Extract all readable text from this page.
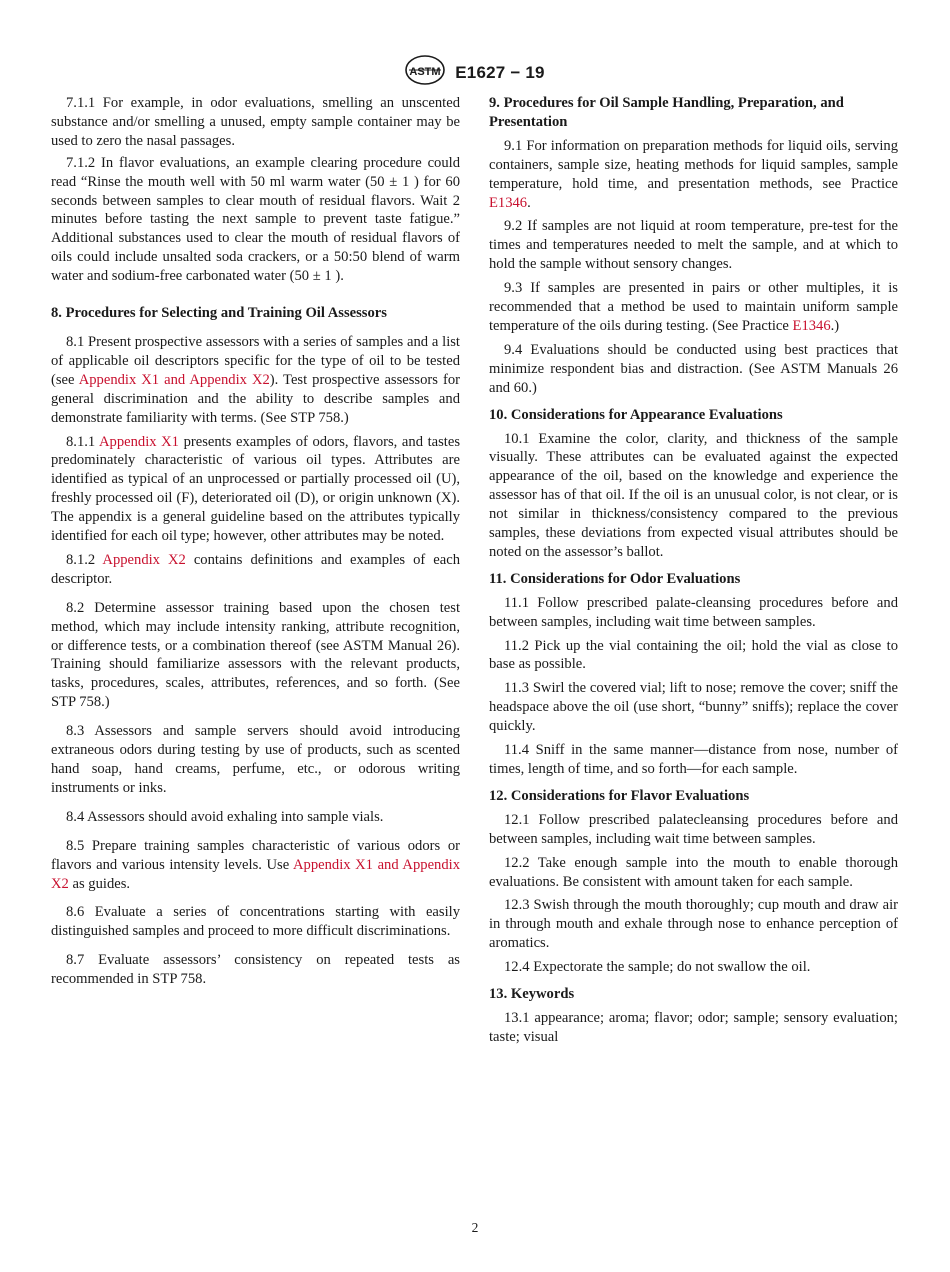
ASTM E1627 − 19

7.1.1 For example, in odor evaluations, smelling an unscented substance and/or smelling a unused, empty sample container may be used to zero the nasal passages.

7.1.2 In flavor evaluations, an example clearing procedure could read “Rinse the mouth well with 50 ml warm water (50 ± 1 ) for 60 seconds between samples to clear mouth of residual flavors. Wait 2 minutes before tasting the next sample to prevent taste fatigue.” Additional substances used to clear the mouth of residual flavors of oils could include unsalted soda crackers, or a 50:50 blend of warm water and sodium-free carbonated water (50 ± 1 ).

8. Procedures for Selecting and Training Oil Assessors

8.1 Present prospective assessors with a series of samples and a list of applicable oil descriptors specific for the type of oil to be tested (see Appendix X1 and Appendix X2). Test prospective assessors for general discrimination and the ability to describe samples and demonstrate familiarity with terms. (See STP 758.)

8.1.1 Appendix X1 presents examples of odors, flavors, and tastes predominately characteristic of various oil types. Attributes are identified as typical of an unprocessed or partially processed oil (U), freshly processed oil (F), deteriorated oil (D), or origin unknown (X). The appendix is a general guideline based on the attributes typically identified for each oil type; however, other attributes may be noted.

8.1.2 Appendix X2 contains definitions and examples of each descriptor.

8.2 Determine assessor training based upon the chosen test method, which may include intensity ranking, attribute recognition, or difference tests, or a combination thereof (see ASTM Manual 26). Training should familiarize assessors with the relevant products, tasks, procedures, scales, attributes, references, and so forth. (See STP 758.)

8.3 Assessors and sample servers should avoid introducing extraneous odors during testing by use of products, such as scented hand soap, hand creams, perfume, etc., or odorous writing instruments or inks.

8.4 Assessors should avoid exhaling into sample vials.

8.5 Prepare training samples characteristic of various odors or flavors and various intensity levels. Use Appendix X1 and Appendix X2 as guides.

8.6 Evaluate a series of concentrations starting with easily distinguished samples and proceed to more difficult discriminations.

8.7 Evaluate assessors’ consistency on repeated tests as recommended in STP 758.

9. Procedures for Oil Sample Handling, Preparation, and Presentation

9.1 For information on preparation methods for liquid oils, serving containers, sample size, heating methods for liquid samples, sample temperature, hold time, and presentation methods, see Practice E1346.

9.2 If samples are not liquid at room temperature, pre-test for the times and temperatures needed to melt the sample, and at which to hold the sample without sensory changes.

9.3 If samples are presented in pairs or other multiples, it is recommended that a method be used to maintain uniform sample temperature of the oils during testing. (See Practice E1346.)

9.4 Evaluations should be conducted using best practices that minimize respondent bias and distraction. (See ASTM Manuals 26 and 60.)

10. Considerations for Appearance Evaluations

10.1 Examine the color, clarity, and thickness of the sample visually. These attributes can be evaluated against the expected appearance of the oil, based on the knowledge and experience the assessor has of that oil. If the oil is an unusual color, is not clear, or is not similar in thickness/consistency compared to the previous samples, these deviations from expected visual attributes should be noted on the assessor’s ballot.

11. Considerations for Odor Evaluations

11.1 Follow prescribed palate-cleansing procedures before and between samples, including wait time between samples.

11.2 Pick up the vial containing the oil; hold the vial as close to base as possible.

11.3 Swirl the covered vial; lift to nose; remove the cover; sniff the headspace above the oil (use short, “bunny” sniffs); replace the cover quickly.

11.4 Sniff in the same manner—distance from nose, number of times, length of time, and so forth—for each sample.

12. Considerations for Flavor Evaluations

12.1 Follow prescribed palatecleansing procedures before and between samples, including wait time between samples.

12.2 Take enough sample into the mouth to enable thorough evaluations. Be consistent with amount taken for each sample.

12.3 Swish through the mouth thoroughly; cup mouth and draw air in through mouth and exhale through nose to enhance perception of aromatics.

12.4 Expectorate the sample; do not swallow the oil.

13. Keywords

13.1 appearance; aroma; flavor; odor; sample; sensory evaluation; taste; visual

2
